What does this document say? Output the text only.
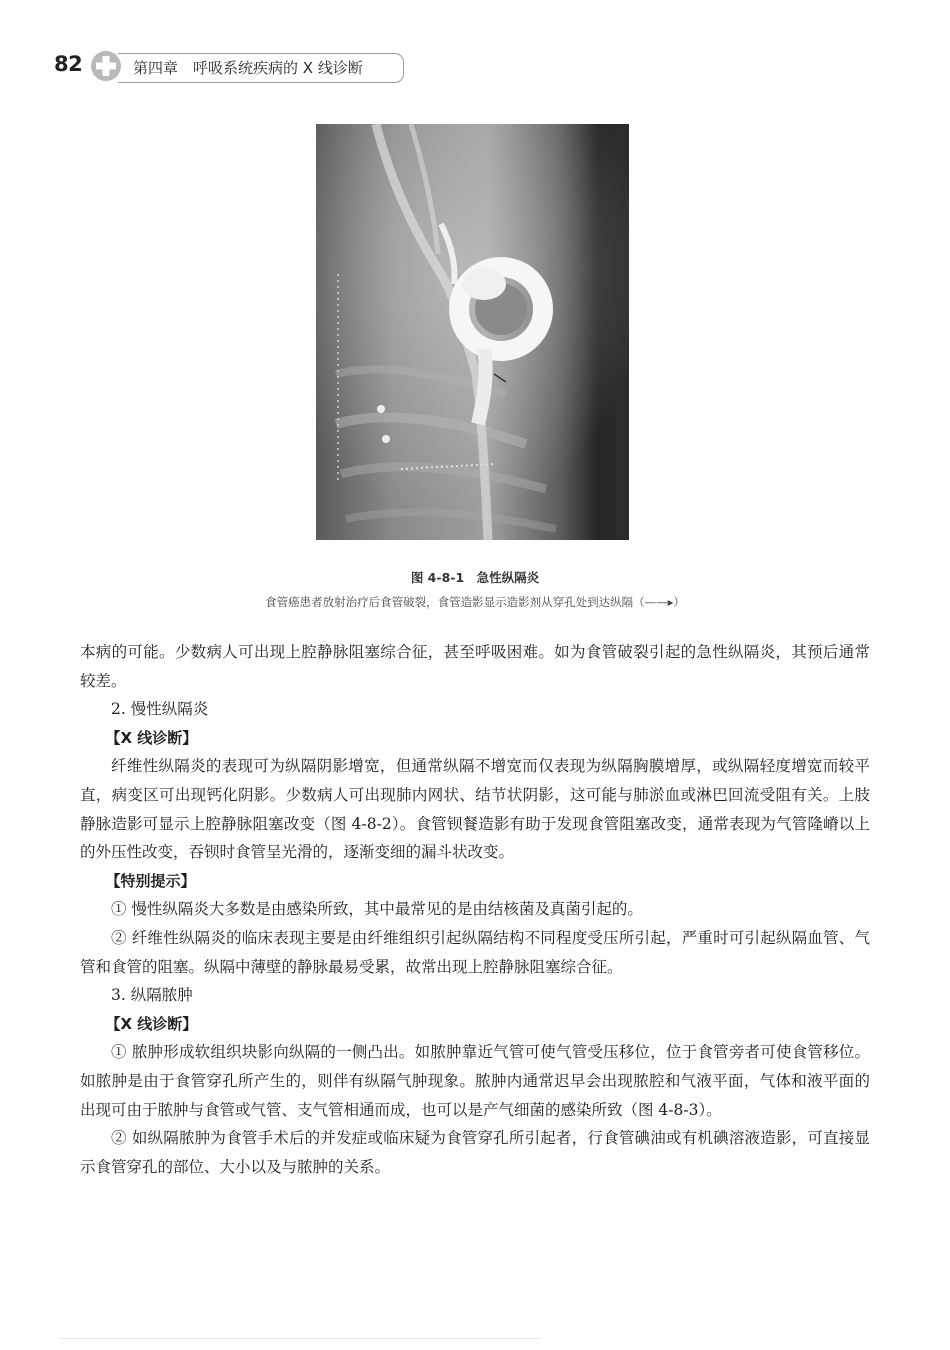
82	第四章　呼吸系统疾病的 X 线诊断
图 4-8-1　急性纵隔炎
食管癌患者放射治疗后食管破裂，食管造影显示造影剂从穿孔处到达纵隔（——▸）

本病的可能。少数病人可出现上腔静脉阻塞综合征，甚至呼吸困难。如为食管破裂引起的急性纵隔炎，其预后通常较差。

2. 慢性纵隔炎

【X 线诊断】

纤维性纵隔炎的表现可为纵隔阴影增宽，但通常纵隔不增宽而仅表现为纵隔胸膜增厚，或纵隔轻度增宽而较平直，病变区可出现钙化阴影。少数病人可出现肺内网状、结节状阴影，这可能与肺淤血或淋巴回流受阻有关。上肢静脉造影可显示上腔静脉阻塞改变（图 4-8-2）。食管钡餐造影有助于发现食管阻塞改变，通常表现为气管隆嵴以上的外压性改变，吞钡时食管呈光滑的，逐渐变细的漏斗状改变。

【特别提示】

① 慢性纵隔炎大多数是由感染所致，其中最常见的是由结核菌及真菌引起的。

② 纤维性纵隔炎的临床表现主要是由纤维组织引起纵隔结构不同程度受压所引起，严重时可引起纵隔血管、气管和食管的阻塞。纵隔中薄壁的静脉最易受累，故常出现上腔静脉阻塞综合征。

3. 纵隔脓肿

【X 线诊断】

① 脓肿形成软组织块影向纵隔的一侧凸出。如脓肿靠近气管可使气管受压移位，位于食管旁者可使食管移位。如脓肿是由于食管穿孔所产生的，则伴有纵隔气肿现象。脓肿内通常迟早会出现脓腔和气液平面，气体和液平面的出现可由于脓肿与食管或气管、支气管相通而成，也可以是产气细菌的感染所致（图 4-8-3）。

② 如纵隔脓肿为食管手术后的并发症或临床疑为食管穿孔所引起者，行食管碘油或有机碘溶液造影，可直接显示食管穿孔的部位、大小以及与脓肿的关系。
